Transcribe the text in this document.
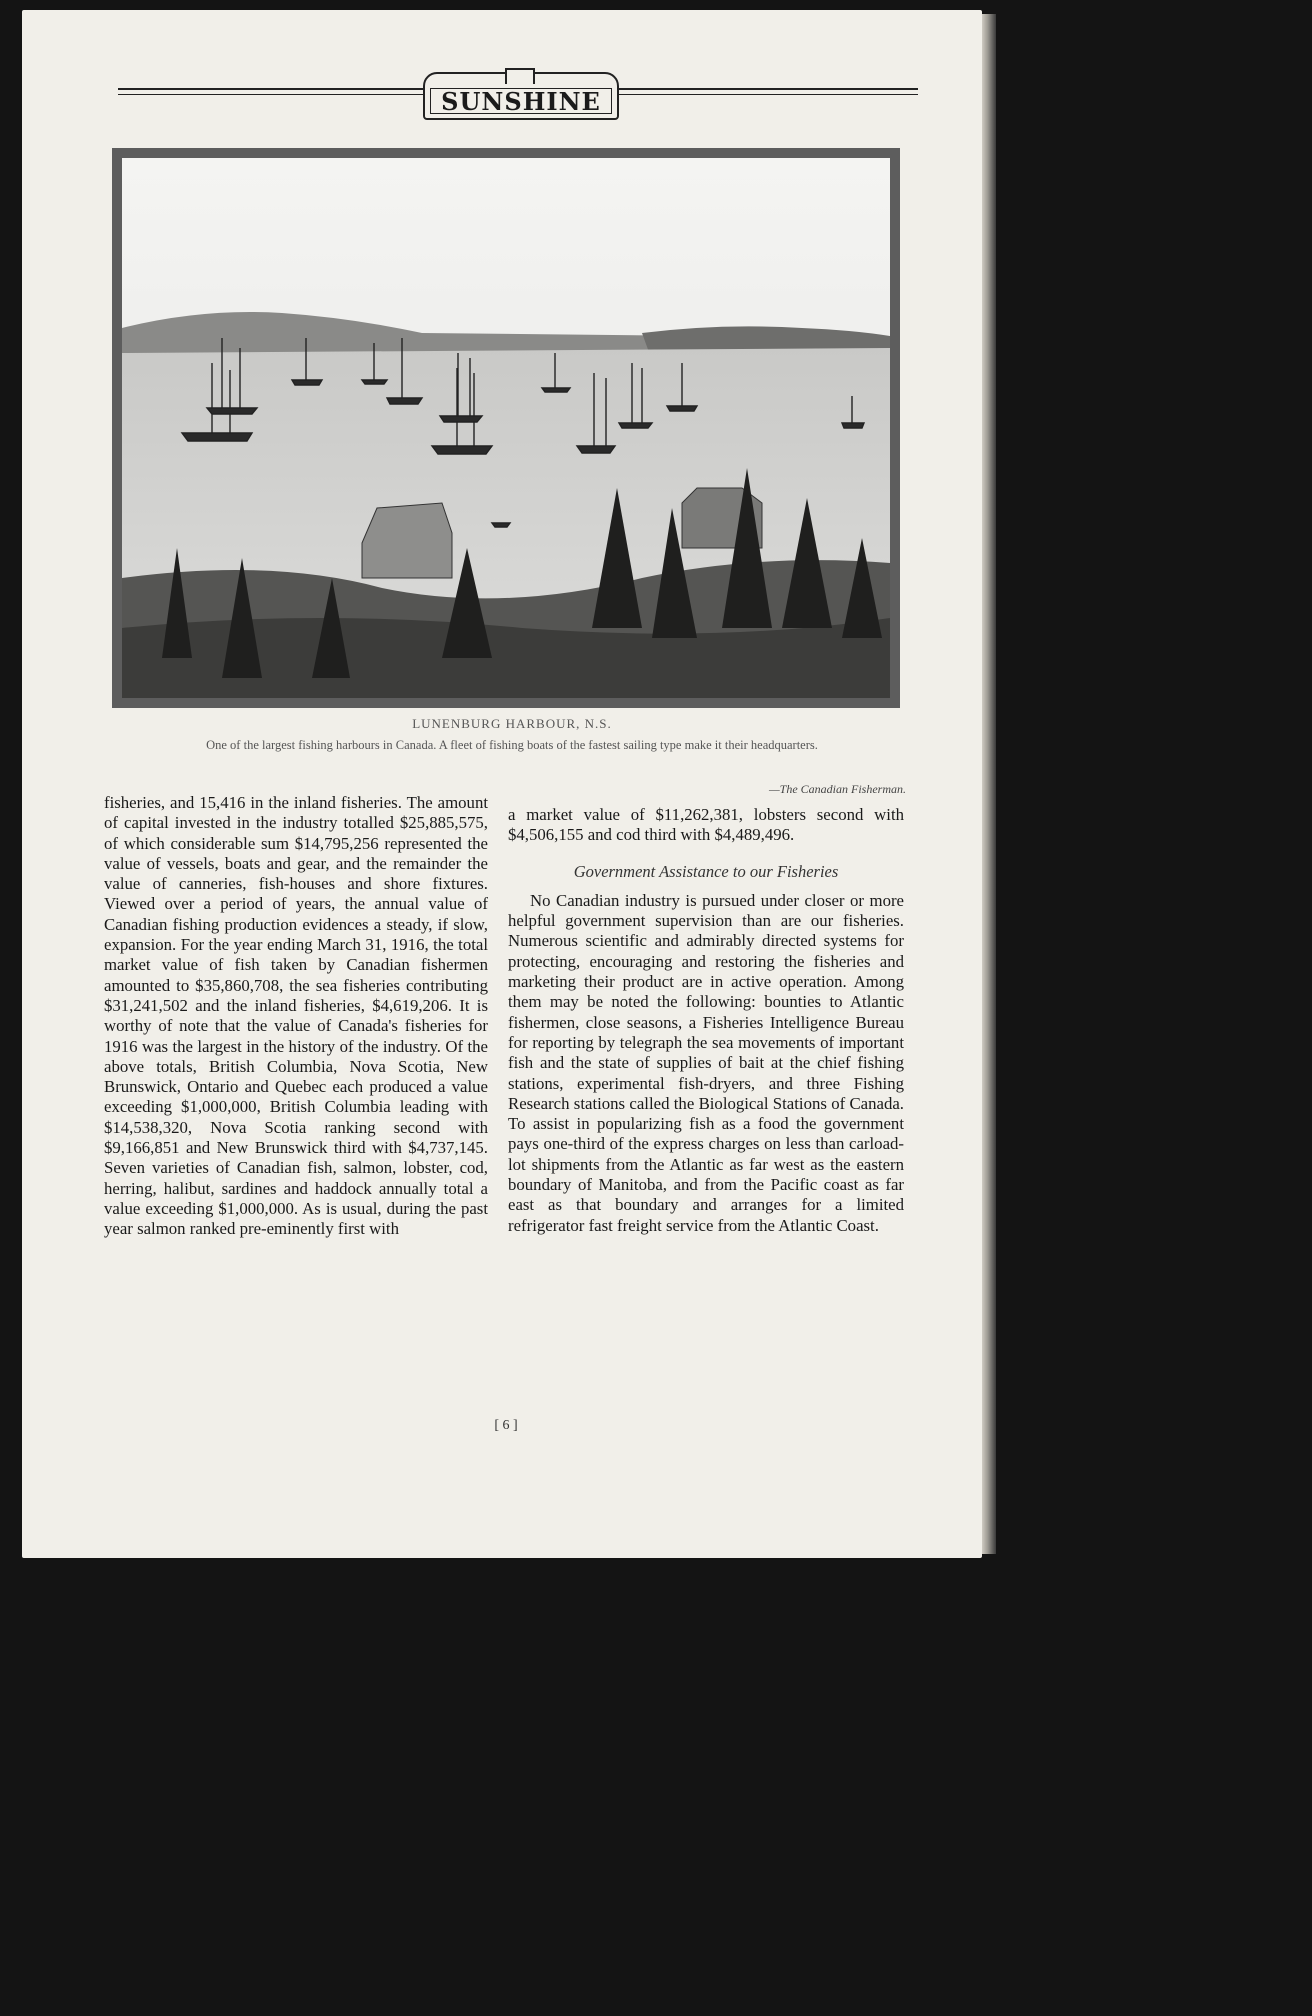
SUNSHINE
LUNENBURG HARBOUR, N.S.
One of the largest fishing harbours in Canada. A fleet of fishing boats of the fastest sailing type make it their headquarters.
—The Canadian Fisherman.

fisheries, and 15,416 in the inland fisheries. The amount of capital invested in the industry totalled $25,885,575, of which considerable sum $14,795,256 represented the value of vessels, boats and gear, and the remainder the value of canneries, fish-houses and shore fixtures. Viewed over a period of years, the annual value of Canadian fishing production evidences a steady, if slow, expansion. For the year ending March 31, 1916, the total market value of fish taken by Canadian fishermen amounted to $35,860,708, the sea fisheries contributing $31,241,502 and the inland fisheries, $4,619,206. It is worthy of note that the value of Canada's fisheries for 1916 was the largest in the history of the industry. Of the above totals, British Columbia, Nova Scotia, New Brunswick, Ontario and Quebec each produced a value exceeding $1,000,000, British Columbia leading with $14,538,320, Nova Scotia ranking second with $9,166,851 and New Brunswick third with $4,737,145. Seven varieties of Canadian fish, salmon, lobster, cod, herring, halibut, sardines and haddock annually total a value exceeding $1,000,000. As is usual, during the past year salmon ranked pre-eminently first with

a market value of $11,262,381, lobsters second with $4,506,155 and cod third with $4,489,496.

Government Assistance to our Fisheries

No Canadian industry is pursued under closer or more helpful government supervision than are our fisheries. Numerous scientific and admirably directed systems for protecting, encouraging and restoring the fisheries and marketing their product are in active operation. Among them may be noted the following: bounties to Atlantic fishermen, close seasons, a Fisheries Intelligence Bureau for reporting by telegraph the sea movements of important fish and the state of supplies of bait at the chief fishing stations, experimental fish-dryers, and three Fishing Research stations called the Biological Stations of Canada. To assist in popularizing fish as a food the government pays one-third of the express charges on less than carload-lot shipments from the Atlantic as far west as the eastern boundary of Manitoba, and from the Pacific coast as far east as that boundary and arranges for a limited refrigerator fast freight service from the Atlantic Coast.

[ 6 ]
